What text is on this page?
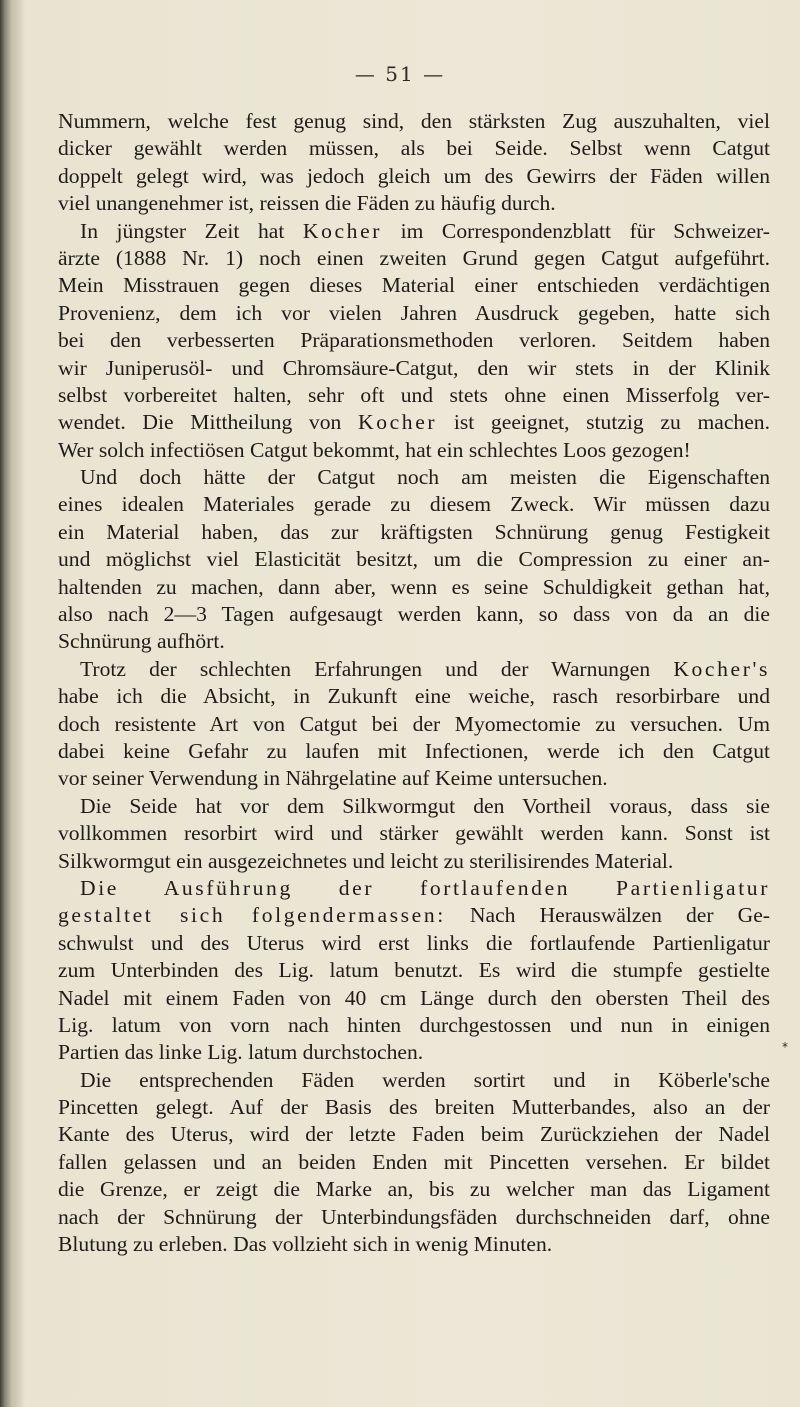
— 51 —
Nummern, welche fest genug sind, den stärksten Zug auszuhalten, viel
dicker gewählt werden müssen, als bei Seide. Selbst wenn Catgut
doppelt gelegt wird, was jedoch gleich um des Gewirrs der Fäden willen
viel unangenehmer ist, reissen die Fäden zu häufig durch.
In jüngster Zeit hat Kocher im Correspondenzblatt für Schweizer-
ärzte (1888 Nr. 1) noch einen zweiten Grund gegen Catgut aufgeführt.
Mein Misstrauen gegen dieses Material einer entschieden verdächtigen
Provenienz, dem ich vor vielen Jahren Ausdruck gegeben, hatte sich
bei den verbesserten Präparationsmethoden verloren. Seitdem haben
wir Juniperusöl- und Chromsäure-Catgut, den wir stets in der Klinik
selbst vorbereitet halten, sehr oft und stets ohne einen Misserfolg ver-
wendet. Die Mittheilung von Kocher ist geeignet, stutzig zu machen.
Wer solch infectiösen Catgut bekommt, hat ein schlechtes Loos gezogen!
Und doch hätte der Catgut noch am meisten die Eigenschaften
eines idealen Materiales gerade zu diesem Zweck. Wir müssen dazu
ein Material haben, das zur kräftigsten Schnürung genug Festigkeit
und möglichst viel Elasticität besitzt, um die Compression zu einer an-
haltenden zu machen, dann aber, wenn es seine Schuldigkeit gethan hat,
also nach 2—3 Tagen aufgesaugt werden kann, so dass von da an die
Schnürung aufhört.
Trotz der schlechten Erfahrungen und der Warnungen Kocher's
habe ich die Absicht, in Zukunft eine weiche, rasch resorbirbare und
doch resistente Art von Catgut bei der Myomectomie zu versuchen. Um
dabei keine Gefahr zu laufen mit Infectionen, werde ich den Catgut
vor seiner Verwendung in Nährgelatine auf Keime untersuchen.
Die Seide hat vor dem Silkwormgut den Vortheil voraus, dass sie
vollkommen resorbirt wird und stärker gewählt werden kann. Sonst ist
Silkwormgut ein ausgezeichnetes und leicht zu sterilisirendes Material.
Die Ausführung der fortlaufenden Partienligatur
gestaltet sich folgendermassen: Nach Herauswälzen der Ge-
schwulst und des Uterus wird erst links die fortlaufende Partienligatur
zum Unterbinden des Lig. latum benutzt. Es wird die stumpfe gestielte
Nadel mit einem Faden von 40 cm Länge durch den obersten Theil des
Lig. latum von vorn nach hinten durchgestossen und nun in einigen
Partien das linke Lig. latum durchstochen.
Die entsprechenden Fäden werden sortirt und in Köberle'sche
Pincetten gelegt. Auf der Basis des breiten Mutterbandes, also an der
Kante des Uterus, wird der letzte Faden beim Zurückziehen der Nadel
fallen gelassen und an beiden Enden mit Pincetten versehen. Er bildet
die Grenze, er zeigt die Marke an, bis zu welcher man das Ligament
nach der Schnürung der Unterbindungsfäden durchschneiden darf, ohne
Blutung zu erleben. Das vollzieht sich in wenig Minuten.
*
